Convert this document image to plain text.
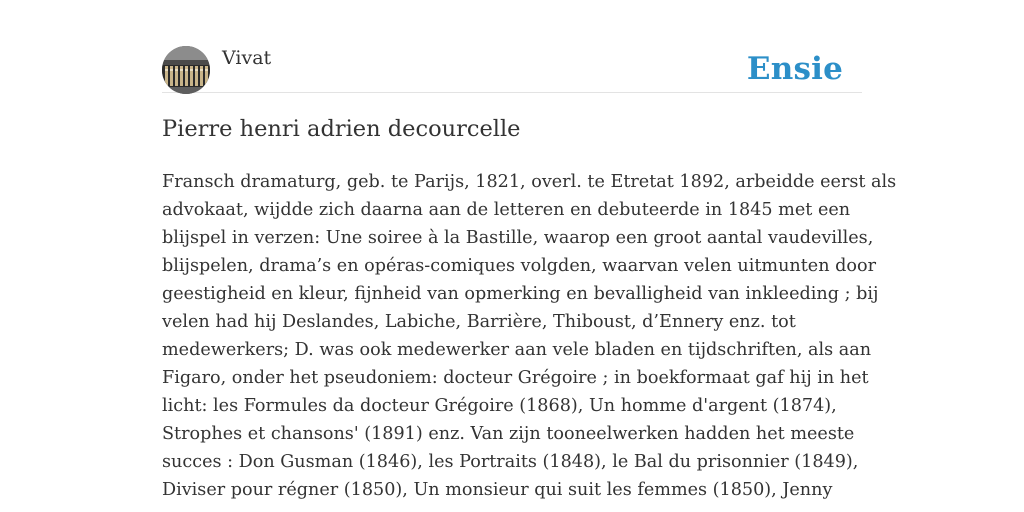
Vivat	Ensie
Pierre henri adrien decourcelle
Fransch dramaturg, geb. te Parijs, 1821, overl. te Etretat 1892, arbeidde eerst als
advokaat, wijdde zich daarna aan de letteren en debuteerde in 1845 met een
blijspel in verzen: Une soiree à la Bastille, waarop een groot aantal vaudevilles,
blijspelen, drama’s en opéras-comiques volgden, waarvan velen uitmunten door
geestigheid en kleur, fijnheid van opmerking en bevalligheid van inkleeding ; bij
velen had hij Deslandes, Labiche, Barrière, Thiboust, d’Ennery enz. tot
medewerkers; D. was ook medewerker aan vele bladen en tijdschriften, als aan
Figaro, onder het pseudoniem: docteur Grégoire ; in boekformaat gaf hij in het
licht: les Formules da docteur Grégoire (1868), Un homme d'argent (1874),
Strophes et chansons' (1891) enz. Van zijn tooneelwerken hadden het meeste
succes : Don Gusman (1846), les Portraits (1848), le Bal du prisonnier (1849),
Diviser pour régner (1850), Un monsieur qui suit les femmes (1850), Jenny
